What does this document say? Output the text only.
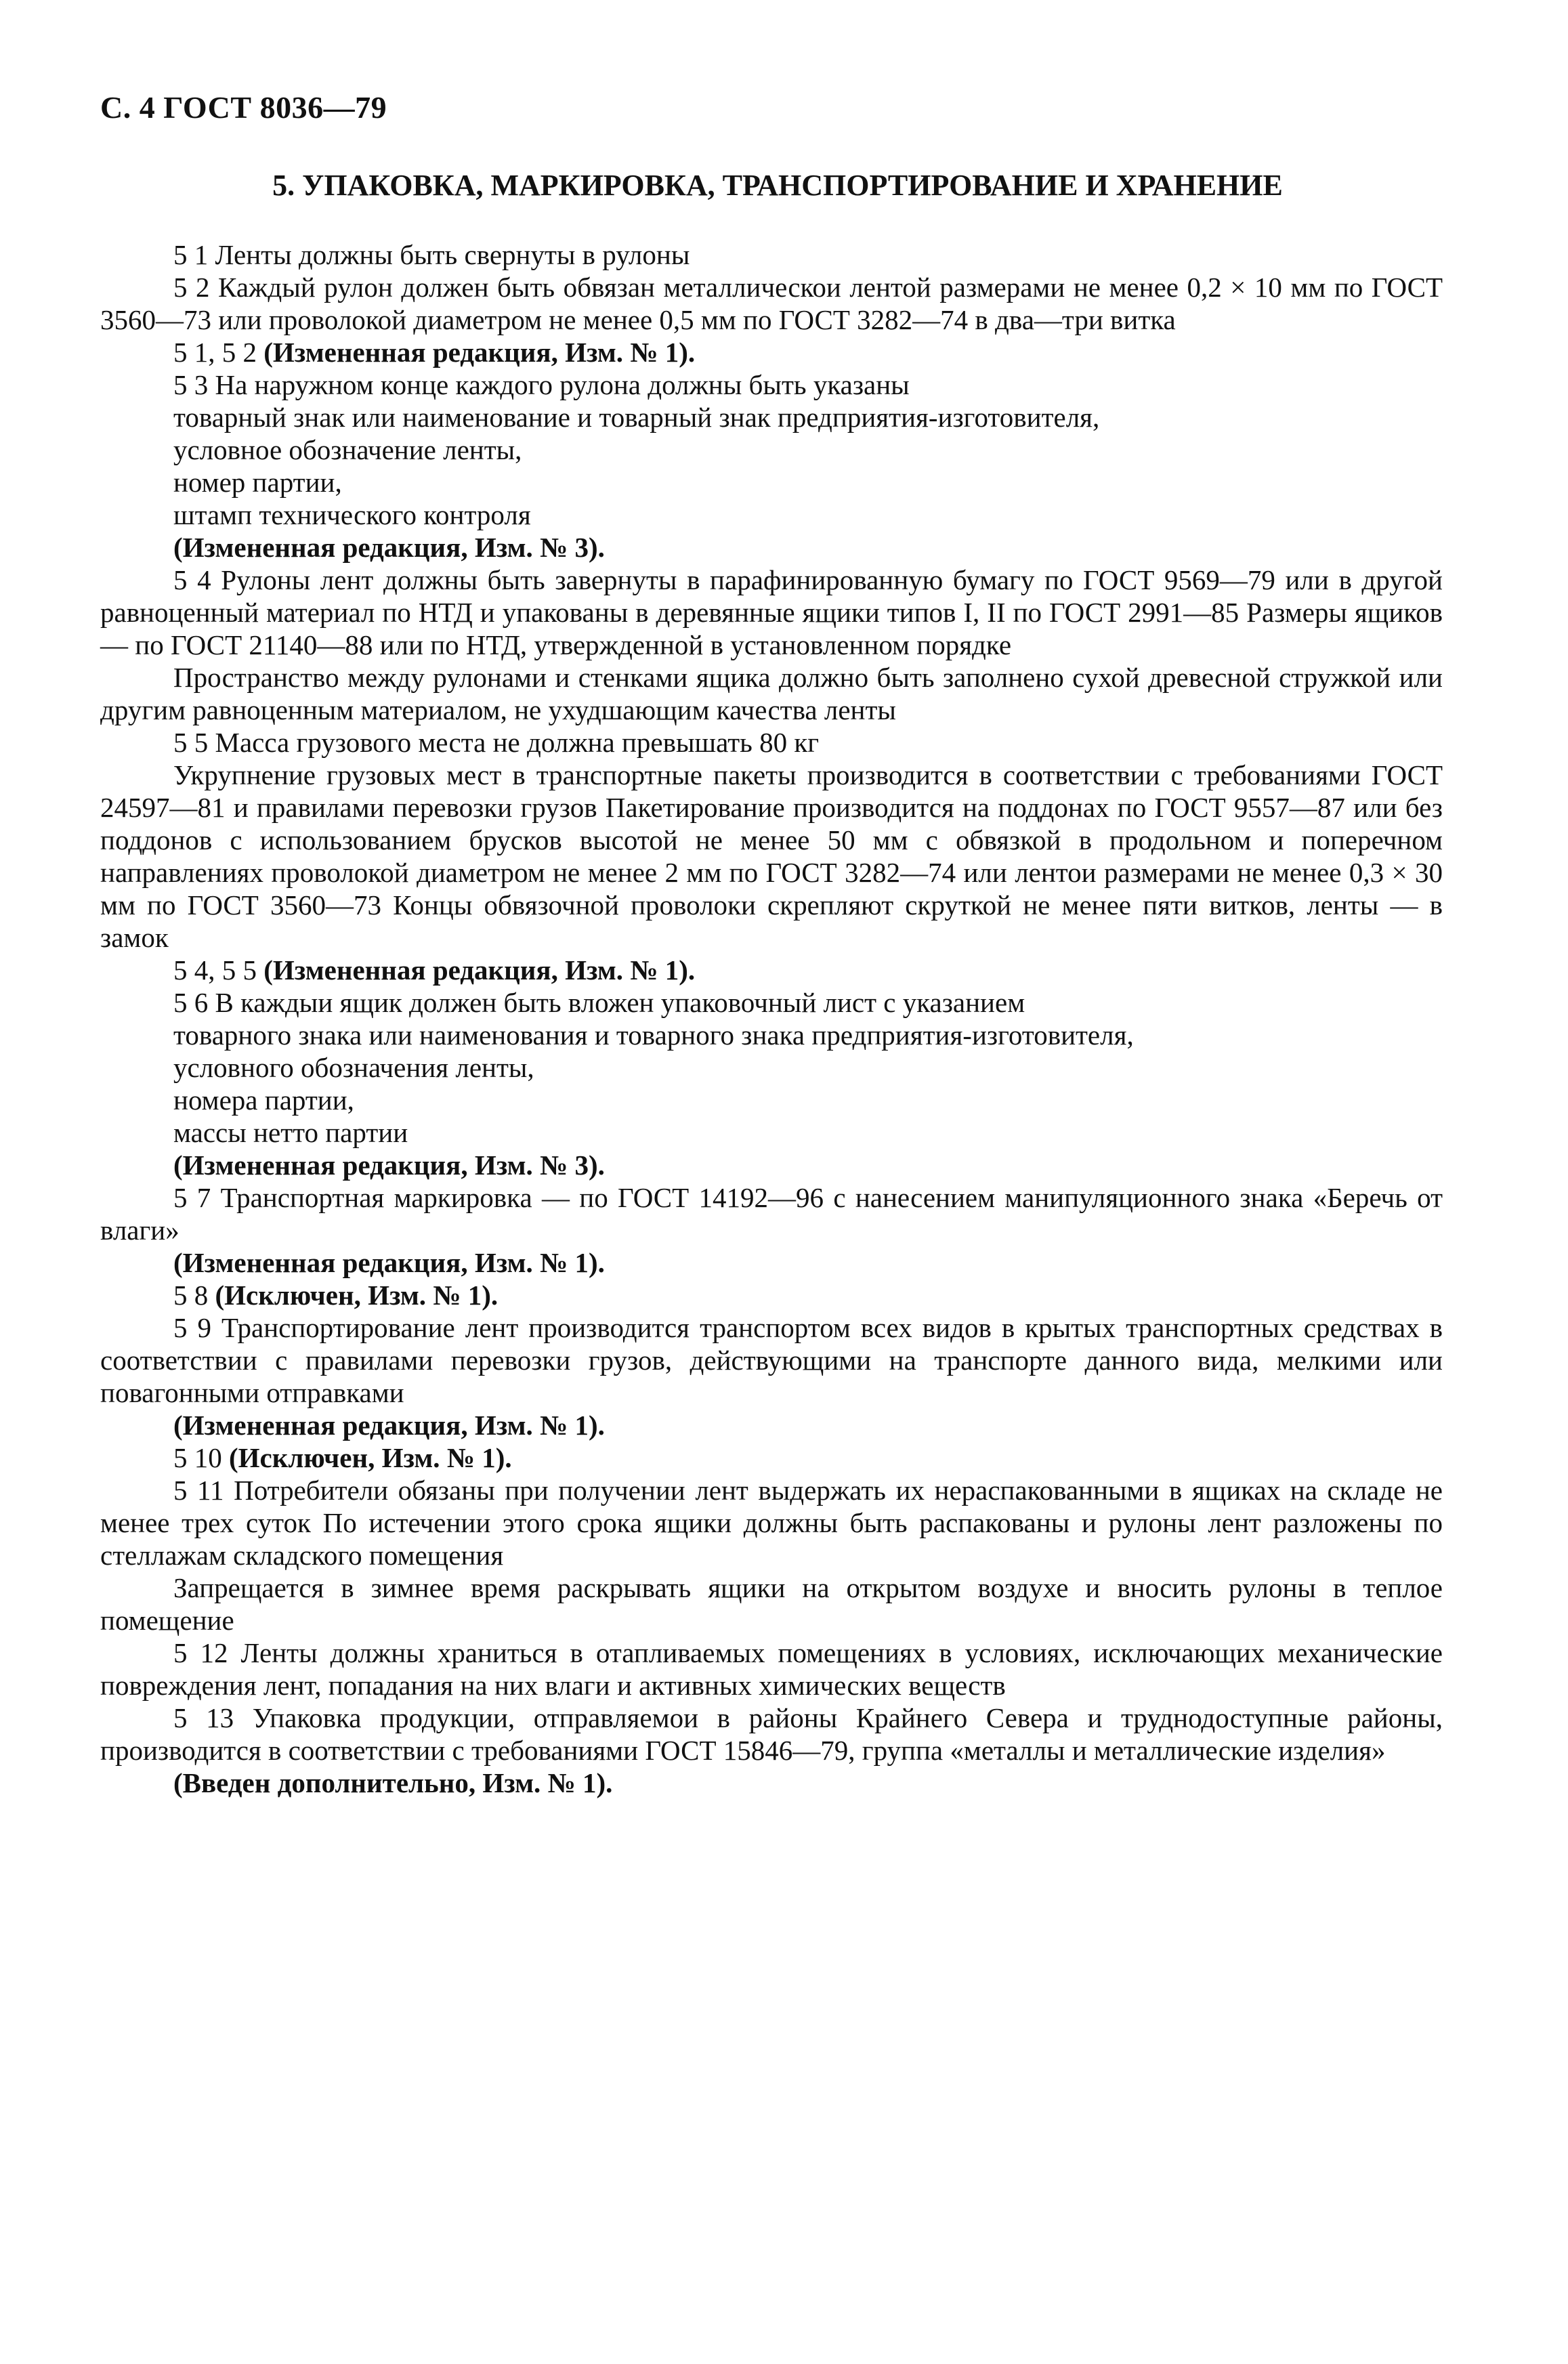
С. 4 ГОСТ 8036—79
5. УПАКОВКА, МАРКИРОВКА, ТРАНСПОРТИРОВАНИЕ И ХРАНЕНИЕ

5 1 Ленты должны быть свернуты в рулоны

5 2 Каждый рулон должен быть обвязан металлическои лентой размерами не менее 0,2 × 10 мм по ГОСТ 3560—73 или проволокой диаметром не менее 0,5 мм по ГОСТ 3282—74 в два—три витка

5 1, 5 2 (Измененная редакция, Изм. № 1).

5 3 На наружном конце каждого рулона должны быть указаны

товарный знак или наименование и товарный знак предприятия-изготовителя,

условное обозначение ленты,

номер партии,

штамп технического контроля

(Измененная редакция, Изм. № 3).

5 4 Рулоны лент должны быть завернуты в парафинированную бумагу по ГОСТ 9569—79 или в другой равноценный материал по НТД и упакованы в деревянные ящики типов I, II по ГОСТ 2991—85 Размеры ящиков — по ГОСТ 21140—88 или по НТД, утвержденной в установленном порядке

Пространство между рулонами и стенками ящика должно быть заполнено сухой древесной стружкой или другим равноценным материалом, не ухудшающим качества ленты

5 5 Масса грузового места не должна превышать 80 кг

Укрупнение грузовых мест в транспортные пакеты производится в соответствии с требованиями ГОСТ 24597—81 и правилами перевозки грузов Пакетирование производится на поддонах по ГОСТ 9557—87 или без поддонов с использованием брусков высотой не менее 50 мм с обвязкой в продольном и поперечном направлениях проволокой диаметром не менее 2 мм по ГОСТ 3282—74 или лентои размерами не менее 0,3 × 30 мм по ГОСТ 3560—73 Концы обвязочной проволоки скрепляют скруткой не менее пяти витков, ленты — в замок

5 4, 5 5 (Измененная редакция, Изм. № 1).

5 6 В каждыи ящик должен быть вложен упаковочный лист с указанием

товарного знака или наименования и товарного знака предприятия-изготовителя,

условного обозначения ленты,

номера партии,

массы нетто партии

(Измененная редакция, Изм. № 3).

5 7 Транспортная маркировка — по ГОСТ 14192—96 с нанесением манипуляционного знака «Беречь от влаги»

(Измененная редакция, Изм. № 1).

5 8 (Исключен, Изм. № 1).

5 9 Транспортирование лент производится транспортом всех видов в крытых транспортных средствах в соответствии с правилами перевозки грузов, действующими на транспорте данного вида, мелкими или повагонными отправками

(Измененная редакция, Изм. № 1).

5 10 (Исключен, Изм. № 1).

5 11 Потребители обязаны при получении лент выдержать их нераспакованными в ящиках на складе не менее трех суток По истечении этого срока ящики должны быть распакованы и рулоны лент разложены по стеллажам складского помещения

Запрещается в зимнее время раскрывать ящики на открытом воздухе и вносить рулоны в теплое помещение

5 12 Ленты должны храниться в отапливаемых помещениях в условиях, исключающих механические повреждения лент, попадания на них влаги и активных химических веществ

5 13 Упаковка продукции, отправляемои в районы Крайнего Севера и труднодоступные районы, производится в соответствии с требованиями ГОСТ 15846—79, группа «металлы и металлические изделия»

(Введен дополнительно, Изм. № 1).
